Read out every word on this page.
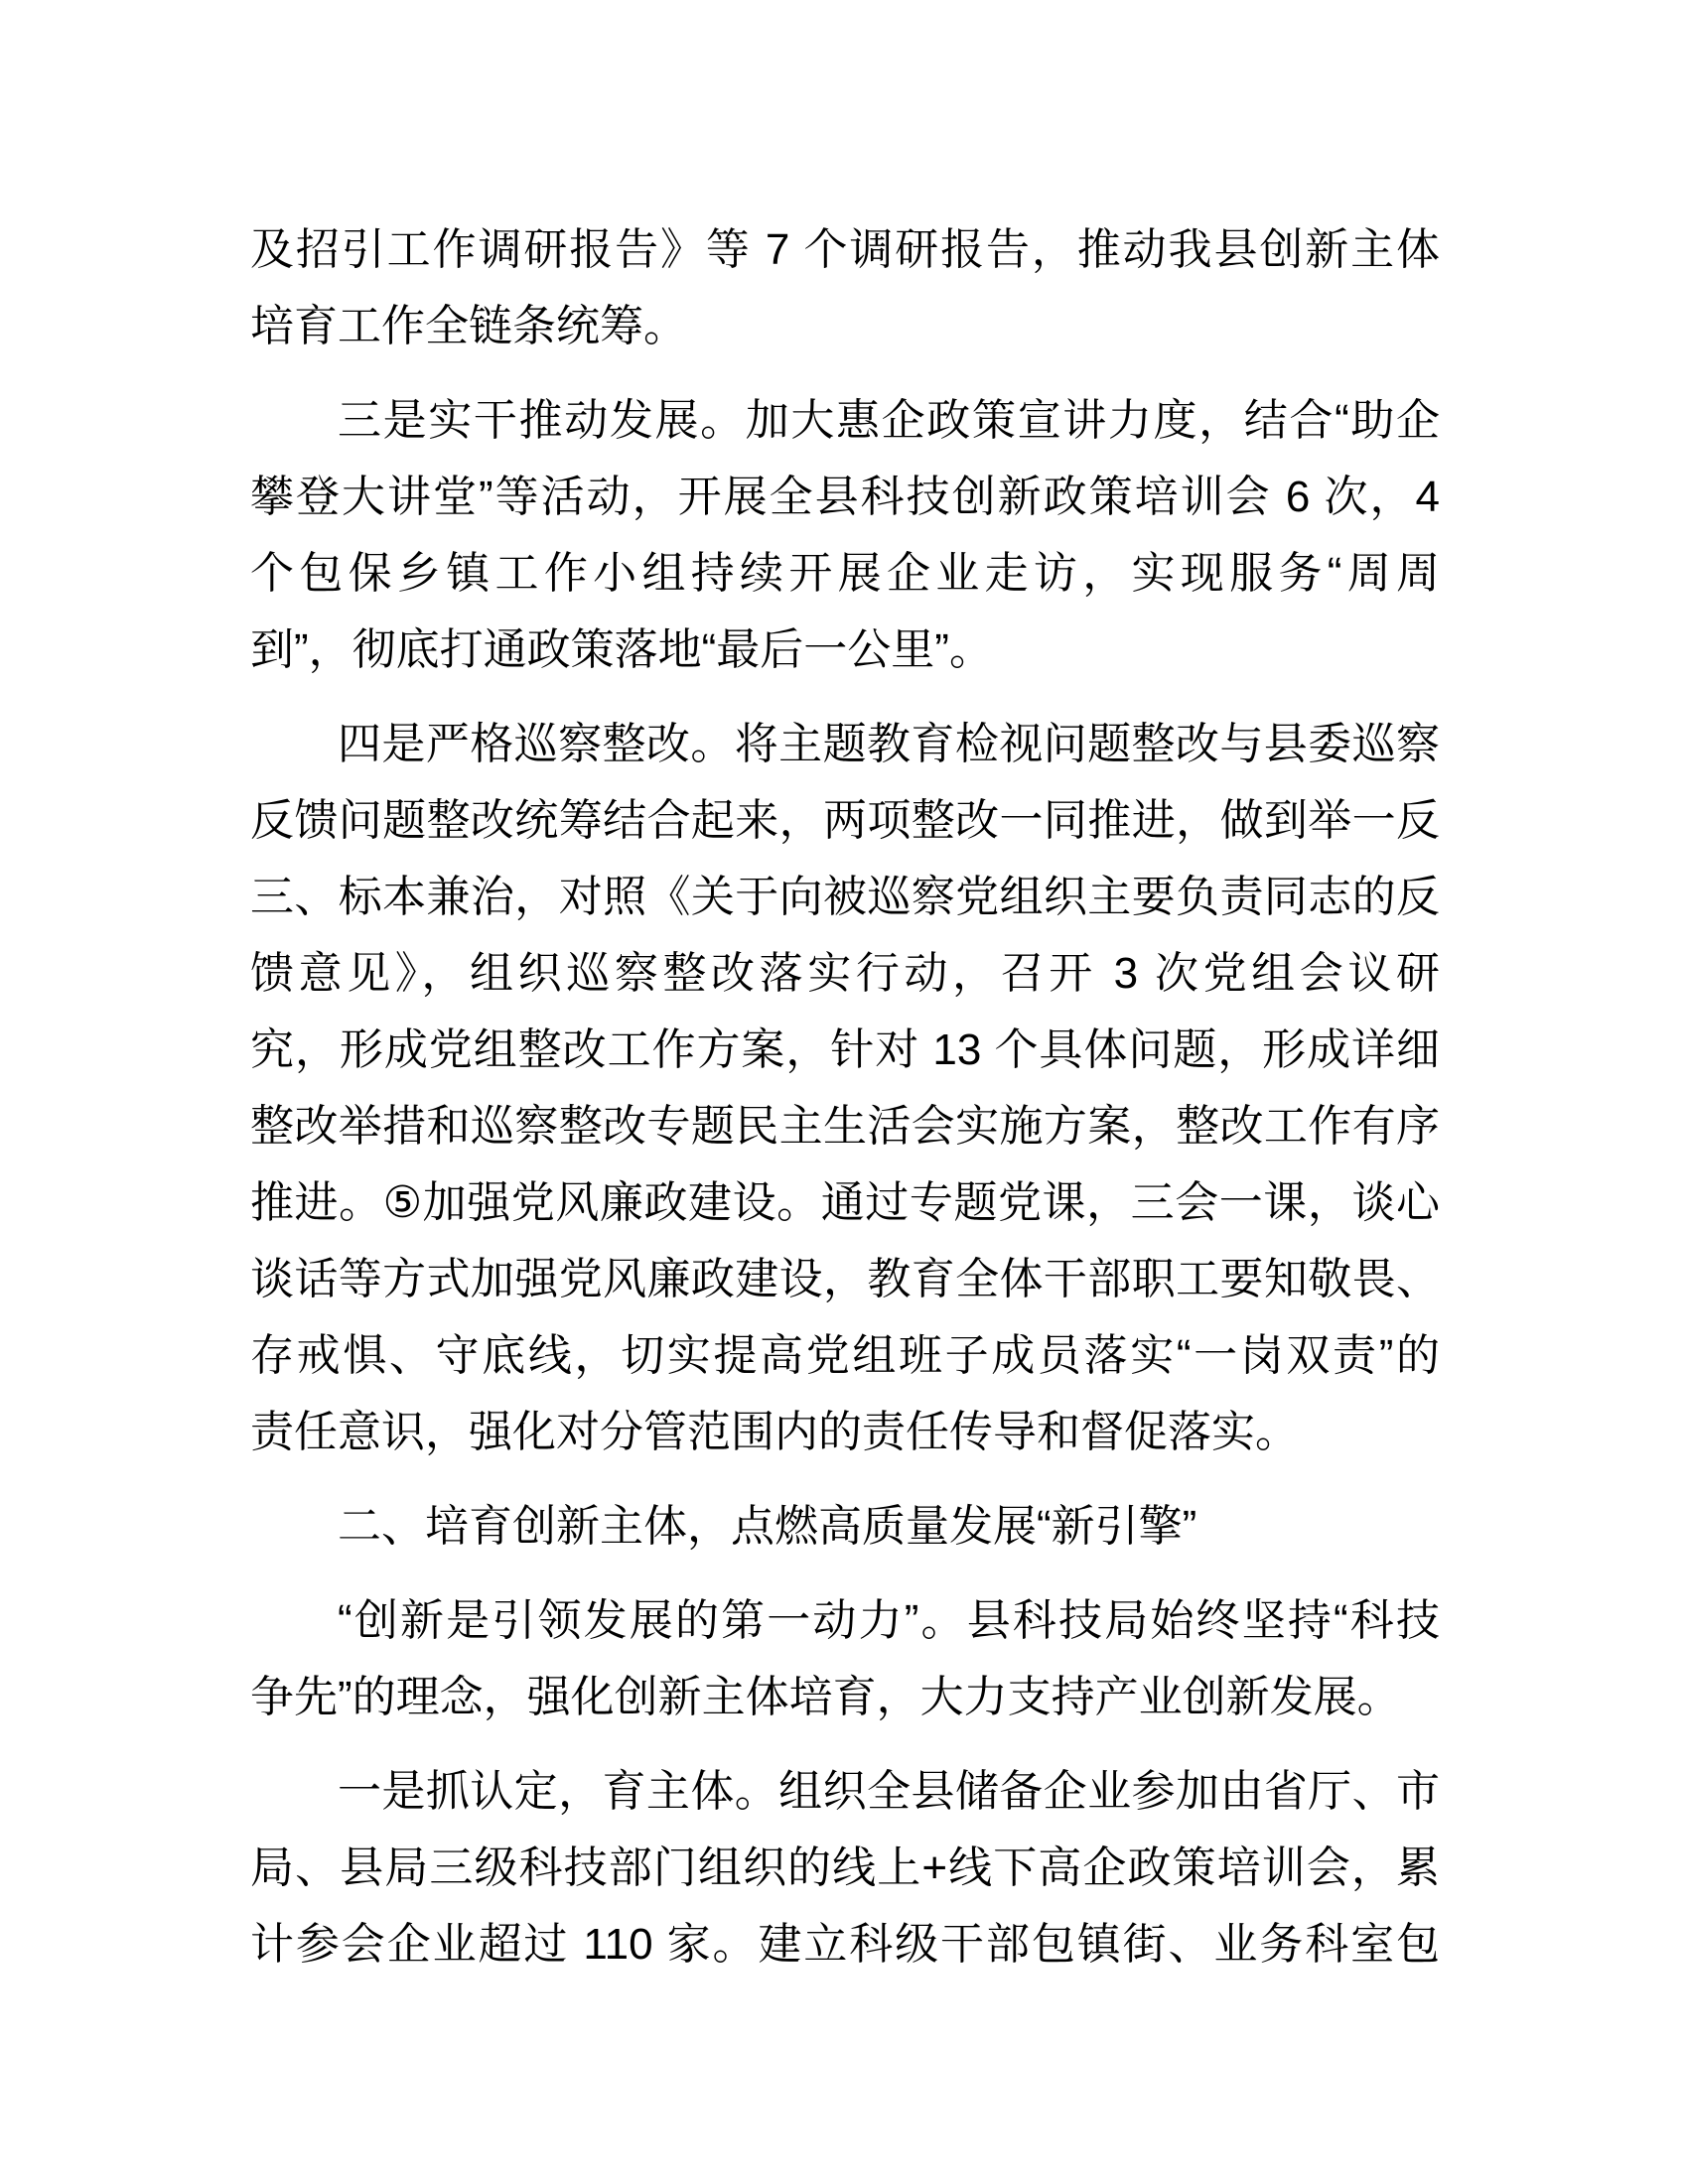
及招引工作调研报告》等 7 个调研报告，推动我县创新主体
培育工作全链条统筹。
三是实干推动发展。加大惠企政策宣讲力度，结合“助企
攀登大讲堂”等活动，开展全县科技创新政策培训会 6 次，4
个包保乡镇工作小组持续开展企业走访，实现服务“周周
到”，彻底打通政策落地“最后一公里”。
四是严格巡察整改。将主题教育检视问题整改与县委巡察
反馈问题整改统筹结合起来，两项整改一同推进，做到举一反
三、标本兼治，对照《关于向被巡察党组织主要负责同志的反
馈意见》，组织巡察整改落实行动，召开 3 次党组会议研
究，形成党组整改工作方案，针对 13 个具体问题，形成详细
整改举措和巡察整改专题民主生活会实施方案，整改工作有序
推进。⑤加强党风廉政建设。通过专题党课，三会一课，谈心
谈话等方式加强党风廉政建设，教育全体干部职工要知敬畏、
存戒惧、守底线，切实提高党组班子成员落实“一岗双责”的
责任意识，强化对分管范围内的责任传导和督促落实。
二、培育创新主体，点燃高质量发展“新引擎”
“创新是引领发展的第一动力”。县科技局始终坚持“科技
争先”的理念，强化创新主体培育，大力支持产业创新发展。
一是抓认定，育主体。组织全县储备企业参加由省厅、市
局、县局三级科技部门组织的线上+线下高企政策培训会，累
计参会企业超过 110 家。建立科级干部包镇街、业务科室包
